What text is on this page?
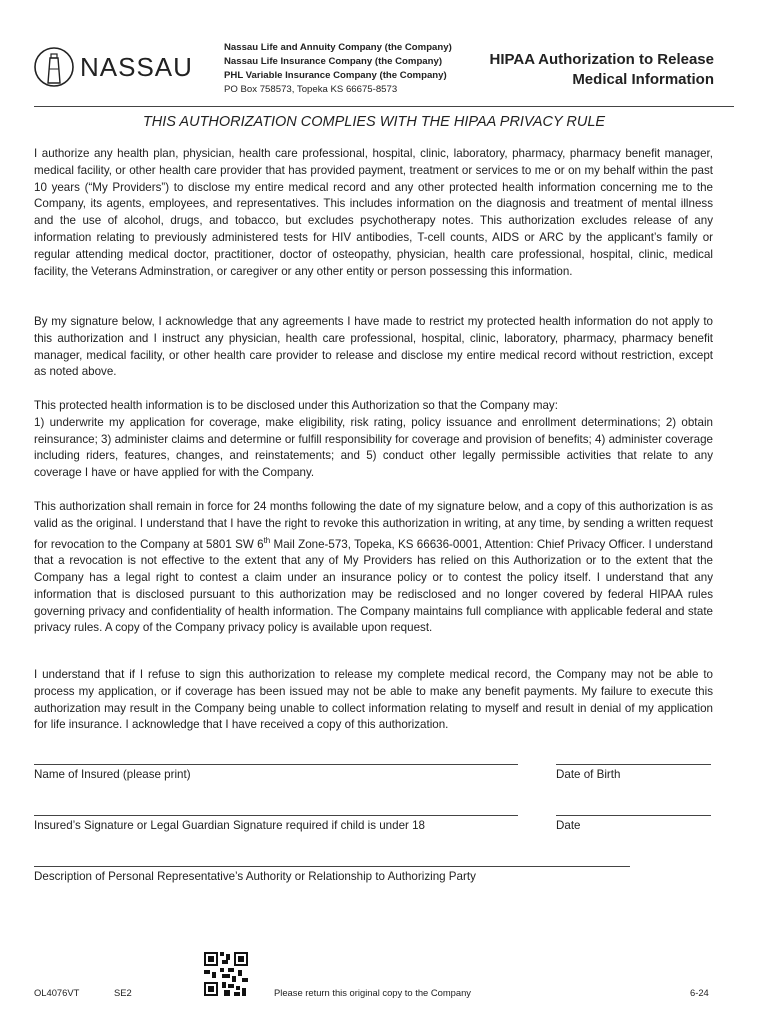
NASSAU
Nassau Life and Annuity Company (the Company)
Nassau Life Insurance Company (the Company)
PHL Variable Insurance Company (the Company)
PO Box 758573, Topeka KS 66675-8573
HIPAA Authorization to Release
Medical Information
THIS AUTHORIZATION COMPLIES WITH THE HIPAA PRIVACY RULE
I authorize any health plan, physician, health care professional, hospital, clinic, laboratory, pharmacy, pharmacy benefit manager, medical facility, or other health care provider that has provided payment, treatment or services to me or on my behalf within the past 10 years (“My Providers”) to disclose my entire medical record and any other protected health information concerning me to the Company, its agents, employees, and representatives. This includes information on the diagnosis and treatment of mental illness and the use of alcohol, drugs, and tobacco, but excludes psychotherapy notes. This authorization excludes release of any information relating to previously administered tests for HIV antibodies, T-cell counts, AIDS or ARC by the applicant’s family or regular attending medical doctor, practitioner, doctor of osteopathy, physician, health care professional, hospital, clinic, medical facility, the Veterans Adminstration, or caregiver or any other entity or person possessing this information.
By my signature below, I acknowledge that any agreements I have made to restrict my protected health information do not apply to this authorization and I instruct any physician, health care professional, hospital, clinic, laboratory, pharmacy, pharmacy benefit manager, medical facility, or other health care provider to release and disclose my entire medical record without restriction, except as noted above.
This protected health information is to be disclosed under this Authorization so that the Company may:
1) underwrite my application for coverage, make eligibility, risk rating, policy issuance and enrollment determinations; 2) obtain reinsurance; 3) administer claims and determine or fulfill responsibility for coverage and provision of benefits; 4) administer coverage including riders, features, changes, and reinstatements; and 5) conduct other legally permissible activities that relate to any coverage I have or have applied for with the Company.
This authorization shall remain in force for 24 months following the date of my signature below, and a copy of this authorization is as valid as the original. I understand that I have the right to revoke this authorization in writing, at any time, by sending a written request for revocation to the Company at 5801 SW 6th Mail Zone-573, Topeka, KS 66636-0001, Attention: Chief Privacy Officer. I understand that a revocation is not effective to the extent that any of My Providers has relied on this Authorization or to the extent that the Company has a legal right to contest a claim under an insurance policy or to contest the policy itself. I understand that any information that is disclosed pursuant to this authorization may be redisclosed and no longer covered by federal HIPAA rules governing privacy and confidentiality of health information. The Company maintains full compliance with applicable federal and state privacy rules. A copy of the Company privacy policy is available upon request.
I understand that if I refuse to sign this authorization to release my complete medical record, the Company may not be able to process my application, or if coverage has been issued may not be able to make any benefit payments. My failure to execute this authorization may result in the Company being unable to collect information relating to myself and result in denial of my application for life insurance. I acknowledge that I have received a copy of this authorization.
Name of Insured (please print)	Date of Birth
Insured’s Signature or Legal Guardian Signature required if child is under 18	Date
Description of Personal Representative’s Authority or Relationship to Authorizing Party
OL4076VT	SE2	Please return this original copy to the Company	6-24
